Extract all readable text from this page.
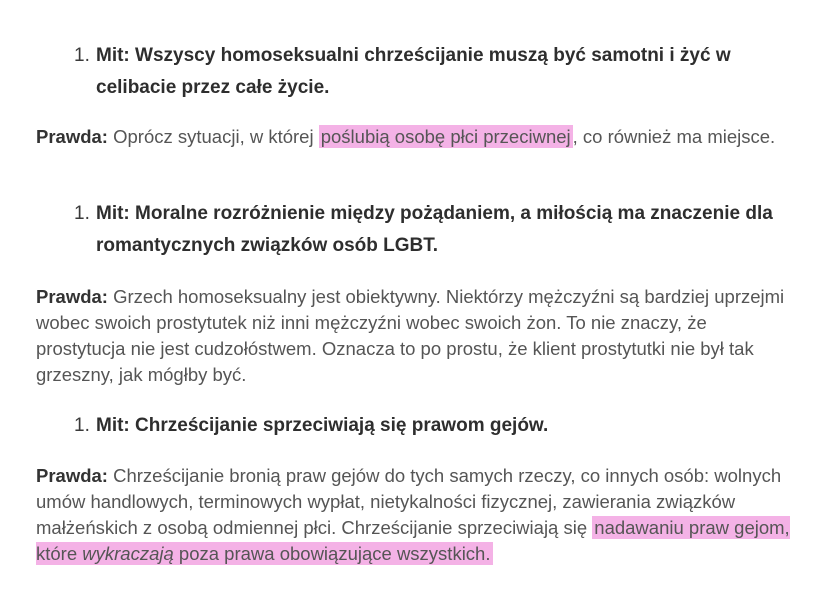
1. Mit: Wszyscy homoseksualni chrześcijanie muszą być samotni i żyć w celibacie przez całe życie.
Prawda: Oprócz sytuacji, w której poślubią osobę płci przeciwnej , co również ma miejsce.
1. Mit: Moralne rozróżnienie między pożądaniem, a miłością ma znaczenie dla romantycznych związków osób LGBT.
Prawda: Grzech homoseksualny jest obiektywny. Niektórzy mężczyźni są bardziej uprzejmi wobec swoich prostytutek niż inni mężczyźni wobec swoich żon. To nie znaczy, że prostytucja nie jest cudzołóstwem. Oznacza to po prostu, że klient prostytutki nie był tak grzeszny, jak mógłby być.
1. Mit: Chrześcijanie sprzeciwiają się prawom gejów.
Prawda: Chrześcijanie bronią praw gejów do tych samych rzeczy, co innych osób: wolnych umów handlowych, terminowych wypłat, nietykalności fizycznej, zawierania związków małżeńskich z osobą odmiennej płci. Chrześcijanie sprzeciwiają się nadawaniu praw gejom, które wykraczają poza prawa obowiązujące wszystkich.
